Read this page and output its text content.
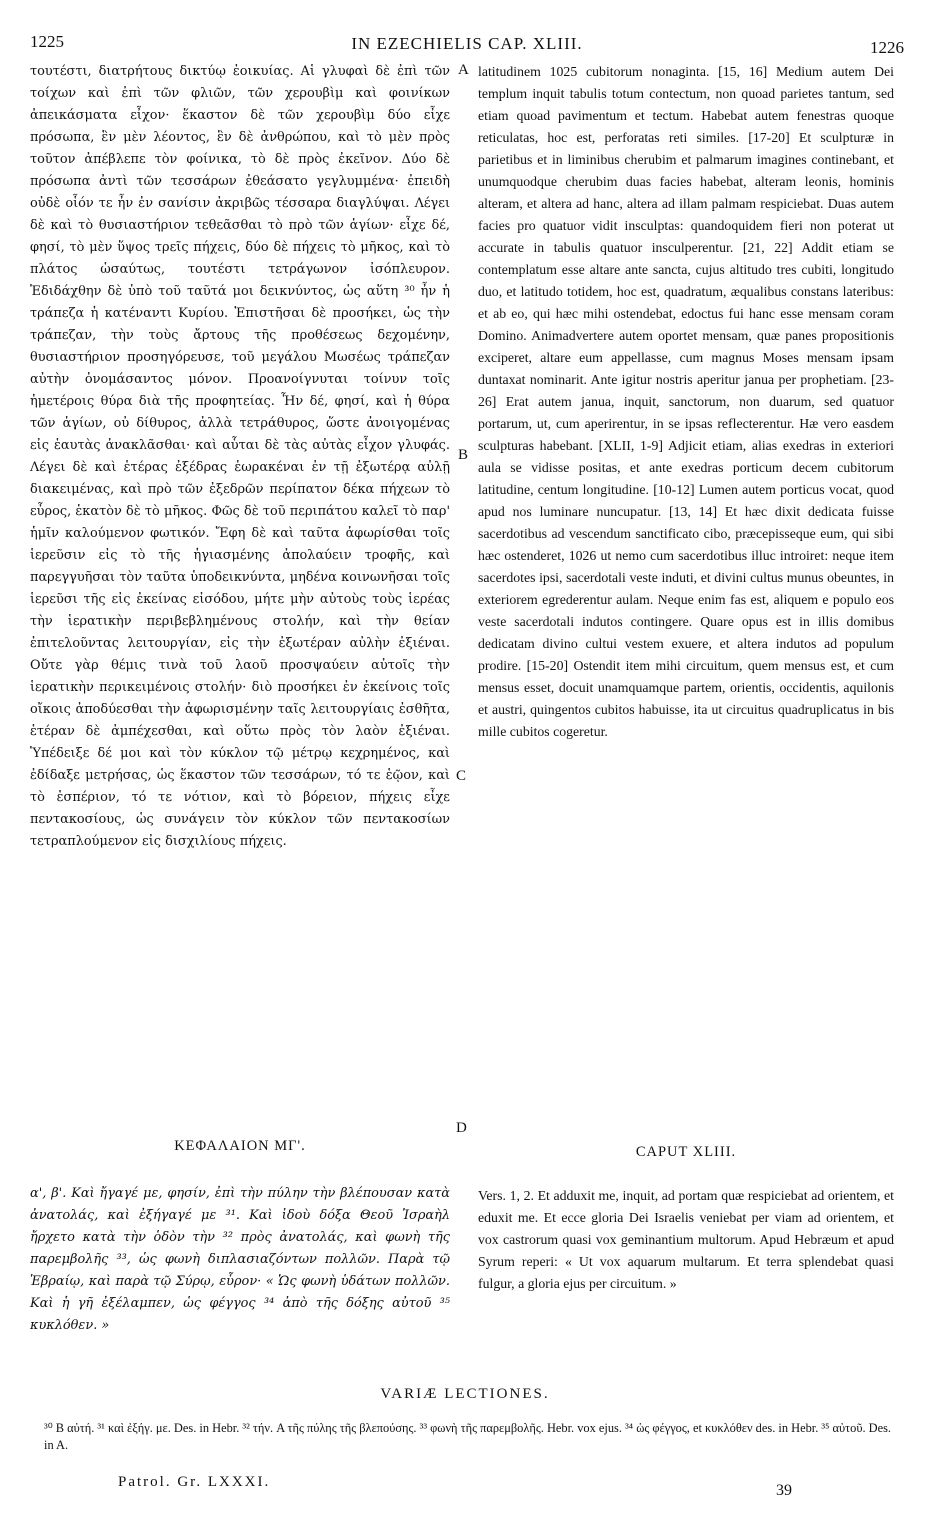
1225	IN EZECHIELIS CAP. XLIII.	1226

τουτέστι, διατρήτους δικτύῳ ἐοικυίας. Αἱ γλυφαὶ δὲ ἐπὶ τῶν τοίχων καὶ ἐπὶ τῶν φλιῶν, τῶν χερουβὶμ καὶ φοινίκων ἀπεικάσματα εἶχον· ἕκαστον δὲ τῶν χερουβὶμ δύο εἶχε πρόσωπα, ἓν μὲν λέοντος, ἓν δὲ ἀνθρώπου, καὶ τὸ μὲν πρὸς τοῦτον ἀπέβλεπε τὸν φοίνικα, τὸ δὲ πρὸς ἐκεῖνον. Δύο δὲ πρόσωπα ἀντὶ τῶν τεσσάρων ἐθεάσατο γεγλυμμένα· ἐπειδὴ οὐδὲ οἷόν τε ἦν ἐν σανίσιν ἀκριβῶς τέσσαρα διαγλύψαι. Λέγει δὲ καὶ τὸ θυσιαστήριον τεθεᾶσθαι τὸ πρὸ τῶν ἁγίων· εἶχε δέ, φησί, τὸ μὲν ὕψος τρεῖς πήχεις, δύο δὲ πήχεις τὸ μῆκος, καὶ τὸ πλάτος ὡσαύτως, τουτέστι τετράγωνον ἰσόπλευρον. Ἐδιδάχθην δὲ ὑπὸ τοῦ ταῦτά μοι δεικνύντος, ὡς αὕτη ³⁰ ἦν ἡ τράπεζα ἡ κατέναντι Κυρίου. Ἐπιστῆσαι δὲ προσήκει, ὡς τὴν τράπεζαν, τὴν τοὺς ἄρτους τῆς προθέσεως δεχομένην, θυσιαστήριον προσηγόρευσε, τοῦ μεγάλου Μωσέως τράπεζαν αὐτὴν ὀνομάσαντος μόνον. Προανοίγνυται τοίνυν τοῖς ἡμετέροις θύρα διὰ τῆς προφητείας. Ἦν δέ, φησί, καὶ ἡ θύρα τῶν ἁγίων, οὐ δίθυρος, ἀλλὰ τετράθυρος, ὥστε ἀνοιγομένας εἰς ἑαυτὰς ἀνακλᾶσθαι· καὶ αὗται δὲ τὰς αὐτὰς εἶχον γλυφάς. Λέγει δὲ καὶ ἑτέρας ἐξέδρας ἑωρακέναι ἐν τῇ ἐξωτέρᾳ αὐλῇ διακειμένας, καὶ πρὸ τῶν ἐξεδρῶν περίπατον δέκα πήχεων τὸ εὖρος, ἑκατὸν δὲ τὸ μῆκος. Φῶς δὲ τοῦ περιπάτου καλεῖ τὸ παρ' ἡμῖν καλούμενον φωτικόν. Ἔφη δὲ καὶ ταῦτα ἀφωρίσθαι τοῖς ἱερεῦσιν εἰς τὸ τῆς ἡγιασμένης ἀπολαύειν τροφῆς, καὶ παρεγγυῆσαι τὸν ταῦτα ὑποδεικνύντα, μηδένα κοινωνῆσαι τοῖς ἱερεῦσι τῆς εἰς ἐκείνας εἰσόδου, μήτε μὴν αὐτοὺς τοὺς ἱερέας τὴν ἱερατικὴν περιβεβλημένους στολήν, καὶ τὴν θείαν ἐπιτελοῦντας λειτουργίαν, εἰς τὴν ἐξωτέραν αὐλὴν ἐξιέναι. Οὔτε γὰρ θέμις τινὰ τοῦ λαοῦ προσψαύειν αὐτοῖς τὴν ἱερατικὴν περικειμένοις στολήν· διὸ προσήκει ἐν ἐκείνοις τοῖς οἴκοις ἀποδύεσθαι τὴν ἀφωρισμένην ταῖς λειτουργίαις ἐσθῆτα, ἑτέραν δὲ ἀμπέχεσθαι, καὶ οὕτω πρὸς τὸν λαὸν ἐξιέναι. Ὑπέδειξε δέ μοι καὶ τὸν κύκλον τῷ μέτρῳ κεχρημένος, καὶ ἐδίδαξε μετρήσας, ὡς ἕκαστον τῶν τεσσάρων, τό τε ἑῷον, καὶ τὸ ἑσπέριον, τό τε νότιον, καὶ τὸ βόρειον, πήχεις εἶχε πεντακοσίους, ὡς συνάγειν τὸν κύκλον τῶν πεντακοσίων τετραπλούμενον εἰς δισχιλίους πήχεις.

latitudinem 1025 cubitorum nonaginta. [15, 16] Medium autem Dei templum inquit tabulis totum contectum, non quoad parietes tantum, sed etiam quoad pavimentum et tectum. Habebat autem fenestras quoque reticulatas, hoc est, perforatas reti similes. [17-20] Et sculpturæ in parietibus et in liminibus cherubim et palmarum imagines continebant, et unumquodque cherubim duas facies habebat, alteram leonis, hominis alteram, et altera ad hanc, altera ad illam palmam respiciebat. Duas autem facies pro quatuor vidit insculptas: quandoquidem fieri non poterat ut accurate in tabulis quatuor insculperentur. [21, 22] Addit etiam se contemplatum esse altare ante sancta, cujus altitudo tres cubiti, longitudo duo, et latitudo totidem, hoc est, quadratum, æqualibus constans lateribus: et ab eo, qui hæc mihi ostendebat, edoctus fui hanc esse mensam coram Domino. Animadvertere autem oportet mensam, quæ panes propositionis exciperet, altare eum appellasse, cum magnus Moses mensam ipsam duntaxat nominarit. Ante igitur nostris aperitur janua per prophetiam. [23-26] Erat autem janua, inquit, sanctorum, non duarum, sed quatuor portarum, ut, cum aperirentur, in se ipsas reflecterentur. Hæ vero easdem sculpturas habebant. [XLII, 1-9] Adjicit etiam, alias exedras in exteriori aula se vidisse positas, et ante exedras porticum decem cubitorum latitudine, centum longitudine. [10-12] Lumen autem porticus vocat, quod apud nos luminare nuncupatur. [13, 14] Et hæc dixit dedicata fuisse sacerdotibus ad vescendum sanctificato cibo, præcepisseque eum, qui sibi hæc ostenderet, 1026 ut nemo cum sacerdotibus illuc introiret: neque item sacerdotes ipsi, sacerdotali veste induti, et divini cultus munus obeuntes, in exteriorem egrederentur aulam. Neque enim fas est, aliquem e populo eos veste sacerdotali indutos contingere. Quare opus est in illis domibus dedicatam divino cultui vestem exuere, et altera indutos ad populum prodire. [15-20] Ostendit item mihi circuitum, quem mensus est, et cum mensus esset, docuit unamquamque partem, orientis, occidentis, aquilonis et austri, quingentos cubitos habuisse, ita ut circuitus quadruplicatus in bis mille cubitos cogeretur.

A
B
C
D
ΚΕΦΑΛΑΙΟΝ ΜΓ'.	CAPUT XLIII.

α', β'. Καὶ ἤγαγέ με, φησίν, ἐπὶ τὴν πύλην τὴν βλέπουσαν κατὰ ἀνατολάς, καὶ ἐξήγαγέ με ³¹. Καὶ ἰδοὺ δόξα Θεοῦ Ἰσραὴλ ἤρχετο κατὰ τὴν ὁδὸν τὴν ³² πρὸς ἀνατολάς, καὶ φωνὴ τῆς παρεμβολῆς ³³, ὡς φωνὴ διπλασιαζόντων πολλῶν. Παρὰ τῷ Ἑβραίῳ, καὶ παρὰ τῷ Σύρῳ, εὗρον· « Ὡς φωνὴ ὑδάτων πολλῶν. Καὶ ἡ γῆ ἐξέλαμπεν, ὡς φέγγος ³⁴ ἀπὸ τῆς δόξης αὐτοῦ ³⁵ κυκλόθεν. »

Vers. 1, 2. Et adduxit me, inquit, ad portam quæ respiciebat ad orientem, et eduxit me. Et ecce gloria Dei Israelis veniebat per viam ad orientem, et vox castrorum quasi vox geminantium multorum. Apud Hebræum et apud Syrum reperi: « Ut vox aquarum multarum. Et terra splendebat quasi fulgur, a gloria ejus per circuitum. »

VARIÆ LECTIONES.
³⁰ B αὐτή. ³¹ καὶ ἐξήγ. με. Des. in Hebr. ³² τήν. A τῆς πύλης τῆς βλεπούσης. ³³ φωνὴ τῆς παρεμβολῆς. Hebr. vox ejus. ³⁴ ὡς φέγγος, et κυκλόθεν des. in Hebr. ³⁵ αὐτοῦ. Des. in A.
Patrol. Gr. LXXXI.	39
